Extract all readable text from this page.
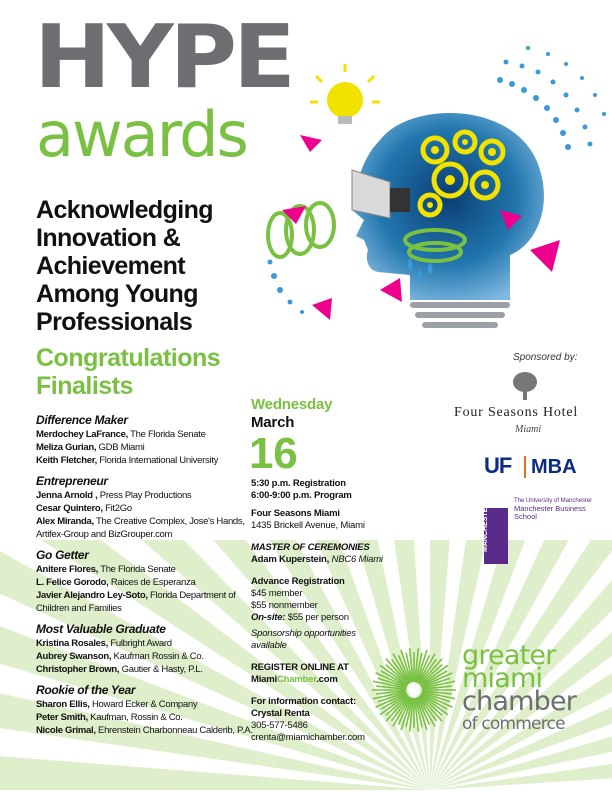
HYPE
awards
Acknowledging
Innovation &
Achievement
Among Young
Professionals
Congratulations
Finalists
Difference Maker
Merdochey LaFrance, The Florida Senate
Meliza Gurian, GDB Miami
Keith Fletcher, Florida International University
Entrepreneur
Jenna Arnold , Press Play Productions
Cesar Quintero, Fit2Go
Alex Miranda, The Creative Complex, Jose's Hands, Artifex-Group and BizGrouper.com
Go Getter
Anitere Flores, The Florida Senate
L. Felice Gorodo, Raices de Esperanza
Javier Alejandro Ley-Soto, Florida Department of Children and Families
Most Valuable Graduate
Kristina Rosales, Fulbright Award
Aubrey Swanson, Kaufman Rossin & Co.
Christopher Brown, Gautier & Hasty, P.L.
Rookie of the Year
Sharon Ellis, Howard Ecker & Company
Peter Smith, Kaufman, Rossin & Co.
Nicole Grimal, Ehrenstein Charbonneau Calderib, P.A.
Wednesday
March
16
5:30 p.m. Registration
6:00-9:00 p.m. Program
Four Seasons Miami
1435 Brickell Avenue, Miami
MASTER OF CEREMONIES
Adam Kuperstein, NBC6 Miami
Advance Registration
$45 member
$55 nonmember
On-site: $55 per person
Sponsorship opportunities available
REGISTER ONLINE AT
MiamiChamber.com
For information contact:
Crystal Renta
305-577-5486
crenta@miamichamber.com
Sponsored by:
Four Seasons Hotel
Miami
UF MBA
MANCHESTER
The University of Manchester
Manchester Business School
greater
miami
chamber
of commerce
